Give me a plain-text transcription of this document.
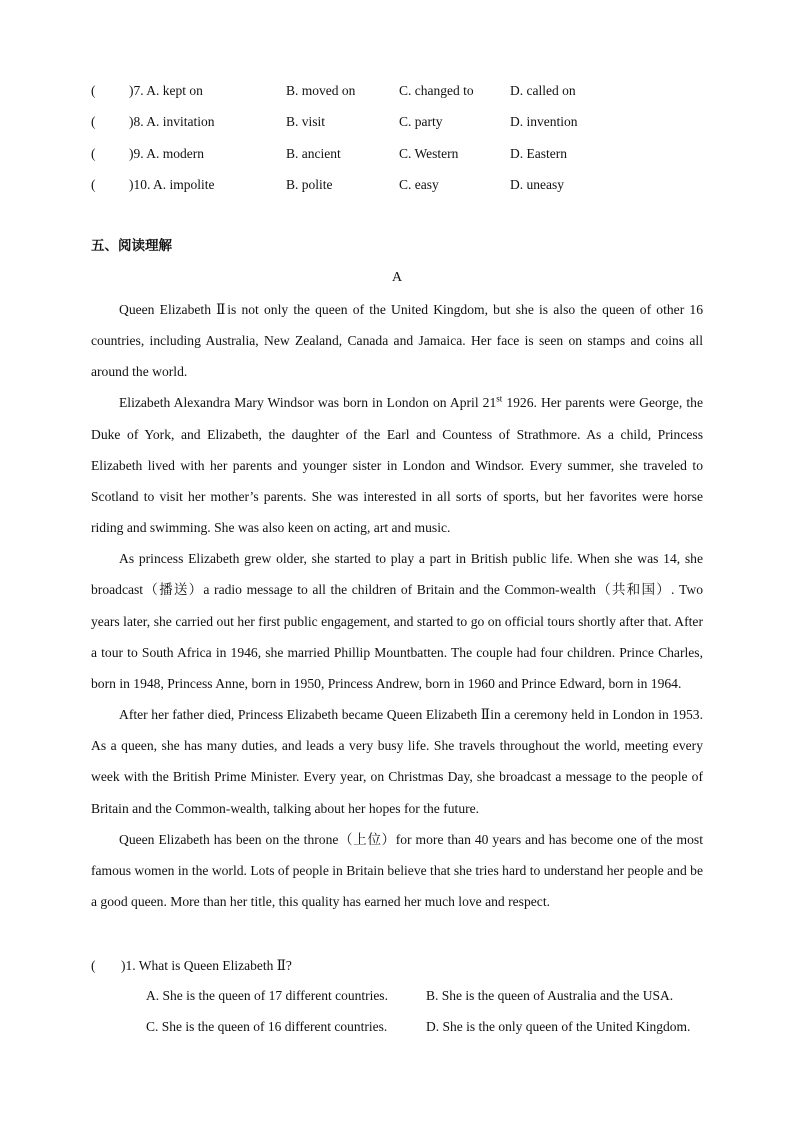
( )7. A. kept on	B. moved on	C. changed to	D. called on
( )8. A. invitation	B. visit	C. party	D. invention
( )9. A. modern	B. ancient	C. Western	D. Eastern
( )10. A. impolite	B. polite	C. easy	D. uneasy
五、阅读理解
A

Queen Elizabeth Ⅱis not only the queen of the United Kingdom, but she is also the queen of other 16 countries, including Australia, New Zealand, Canada and Jamaica. Her face is seen on stamps and coins all around the world.

Elizabeth Alexandra Mary Windsor was born in London on April 21st 1926. Her parents were George, the Duke of York, and Elizabeth, the daughter of the Earl and Countess of Strathmore. As a child, Princess Elizabeth lived with her parents and younger sister in London and Windsor. Every summer, she traveled to Scotland to visit her mother’s parents. She was interested in all sorts of sports, but her favorites were horse riding and swimming. She was also keen on acting, art and music.

As princess Elizabeth grew older, she started to play a part in British public life. When she was 14, she broadcast（播送）a radio message to all the children of Britain and the Common-wealth（共和国）. Two years later, she carried out her first public engagement, and started to go on official tours shortly after that. After a tour to South Africa in 1946, she married Phillip Mountbatten. The couple had four children. Prince Charles, born in 1948, Princess Anne, born in 1950, Princess Andrew, born in 1960 and Prince Edward, born in 1964.

After her father died, Princess Elizabeth became Queen Elizabeth Ⅱin a ceremony held in London in 1953. As a queen, she has many duties, and leads a very busy life. She travels throughout the world, meeting every week with the British Prime Minister. Every year, on Christmas Day, she broadcast a message to the people of Britain and the Common-wealth, talking about her hopes for the future.

Queen Elizabeth has been on the throne（上位）for more than 40 years and has become one of the most famous women in the world. Lots of people in Britain believe that she tries hard to understand her people and be a good queen. More than her title, this quality has earned her much love and respect.

( )1. What is Queen Elizabeth Ⅱ?
A. She is the queen of 17 different countries.	B. She is the queen of Australia and the USA.
C. She is the queen of 16 different countries.	D. She is the only queen of the United Kingdom.
